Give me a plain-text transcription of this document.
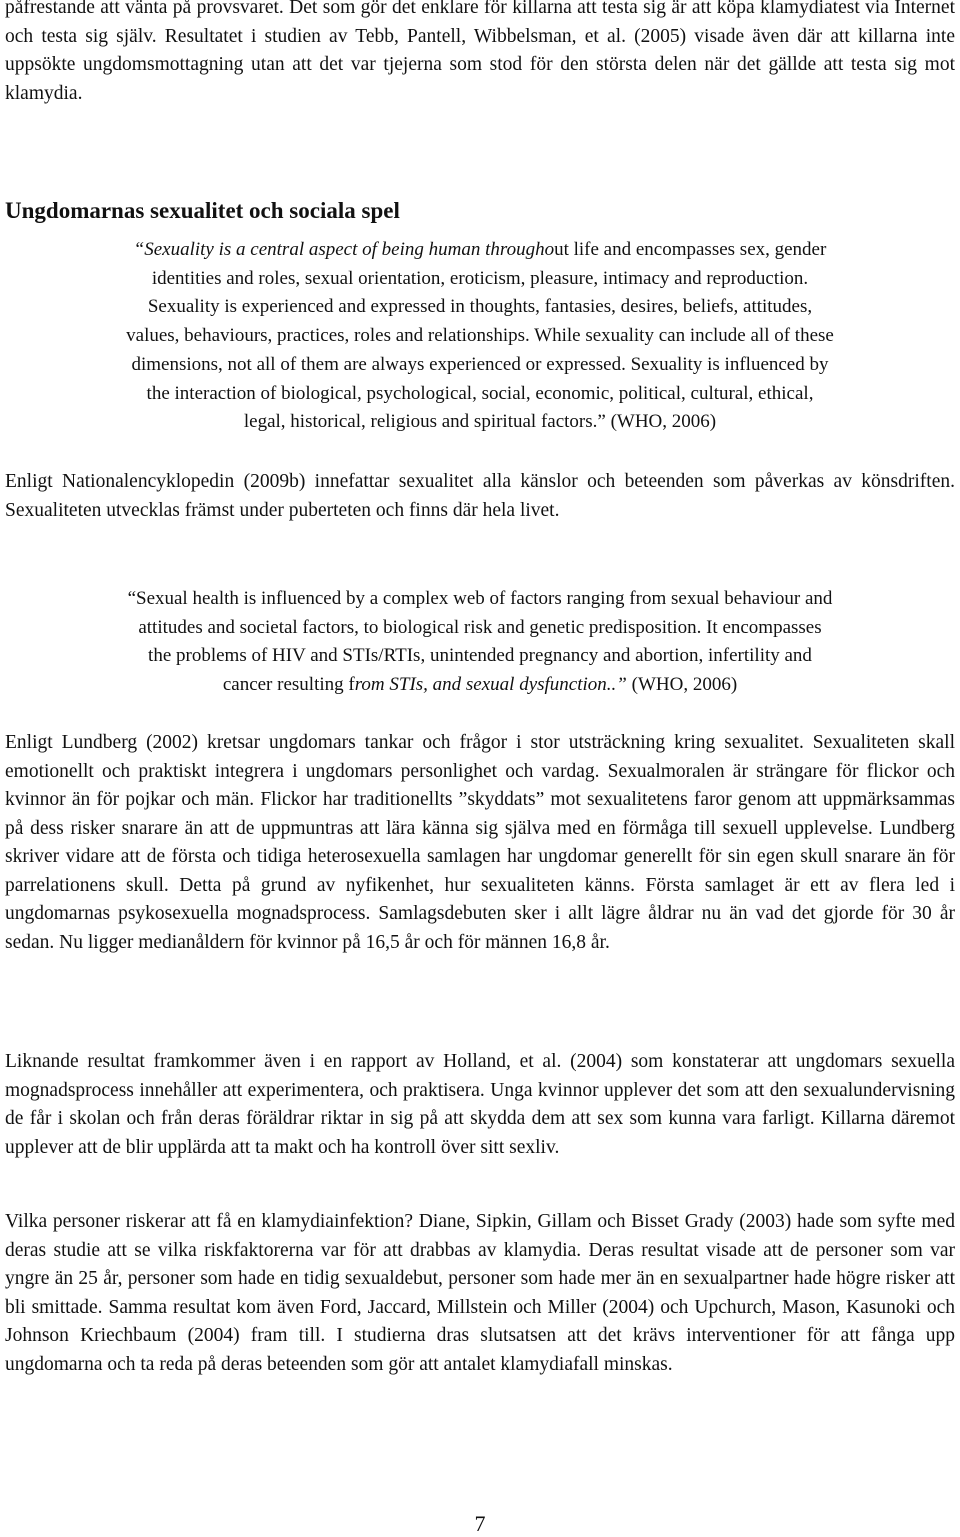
påfrestande att vänta på provsvaret. Det som gör det enklare för killarna att testa sig är att köpa klamydiatest via Internet och testa sig själv. Resultatet i studien av Tebb, Pantell, Wibbelsman, et al. (2005) visade även där att killarna inte uppsökte ungdomsmottagning utan att det var tjejerna som stod för den största delen när det gällde att testa sig mot klamydia.

Ungdomarnas sexualitet och sociala spel

“Sexuality is a central aspect of being human throughout life and encompasses sex, gender
identities and roles, sexual orientation, eroticism, pleasure, intimacy and reproduction.
Sexuality is experienced and expressed in thoughts, fantasies, desires, beliefs, attitudes,
values, behaviours, practices, roles and relationships. While sexuality can include all of these
dimensions, not all of them are always experienced or expressed. Sexuality is influenced by
the interaction of biological, psychological, social, economic, political, cultural, ethical,
legal, historical, religious and spiritual factors.” (WHO, 2006)

Enligt Nationalencyklopedin (2009b) innefattar sexualitet alla känslor och beteenden som påverkas av könsdriften. Sexualiteten utvecklas främst under puberteten och finns där hela livet.

“Sexual health is influenced by a complex web of factors ranging from sexual behaviour and
attitudes and societal factors, to biological risk and genetic predisposition. It encompasses
the problems of HIV and STIs/RTIs, unintended pregnancy and abortion, infertility and
cancer resulting from STIs, and sexual dysfunction..” (WHO, 2006)

Enligt Lundberg (2002) kretsar ungdomars tankar och frågor i stor utsträckning kring sexualitet. Sexualiteten skall emotionellt och praktiskt integrera i ungdomars personlighet och vardag. Sexualmoralen är strängare för flickor och kvinnor än för pojkar och män. Flickor har traditionellts ”skyddats” mot sexualitetens faror genom att uppmärksammas på dess risker snarare än att de uppmuntras att lära känna sig själva med en förmåga till sexuell upplevelse. Lundberg skriver vidare att de första och tidiga heterosexuella samlagen har ungdomar generellt för sin egen skull snarare än för parrelationens skull. Detta på grund av nyfikenhet, hur sexualiteten känns. Första samlaget är ett av flera led i ungdomarnas psykosexuella mognadsprocess. Samlagsdebuten sker i allt lägre åldrar nu än vad det gjorde för 30 år sedan. Nu ligger medianåldern för kvinnor på 16,5 år och för männen 16,8 år.

Liknande resultat framkommer även i en rapport av Holland, et al. (2004) som konstaterar att ungdomars sexuella mognadsprocess innehåller att experimentera, och praktisera. Unga kvinnor upplever det som att den sexualundervisning de får i skolan och från deras föräldrar riktar in sig på att skydda dem att sex som kunna vara farligt. Killarna däremot upplever att de blir upplärda att ta makt och ha kontroll över sitt sexliv.

Vilka personer riskerar att få en klamydiainfektion? Diane, Sipkin, Gillam och Bisset Grady (2003) hade som syfte med deras studie att se vilka riskfaktorerna var för att drabbas av klamydia. Deras resultat visade att de personer som var yngre än 25 år, personer som hade en tidig sexualdebut, personer som hade mer än en sexualpartner hade högre risker att bli smittade. Samma resultat kom även Ford, Jaccard, Millstein och Miller (2004) och Upchurch, Mason, Kasunoki och Johnson Kriechbaum (2004) fram till. I studierna dras slutsatsen att det krävs interventioner för att fånga upp ungdomarna och ta reda på deras beteenden som gör att antalet klamydiafall minskas.

7
